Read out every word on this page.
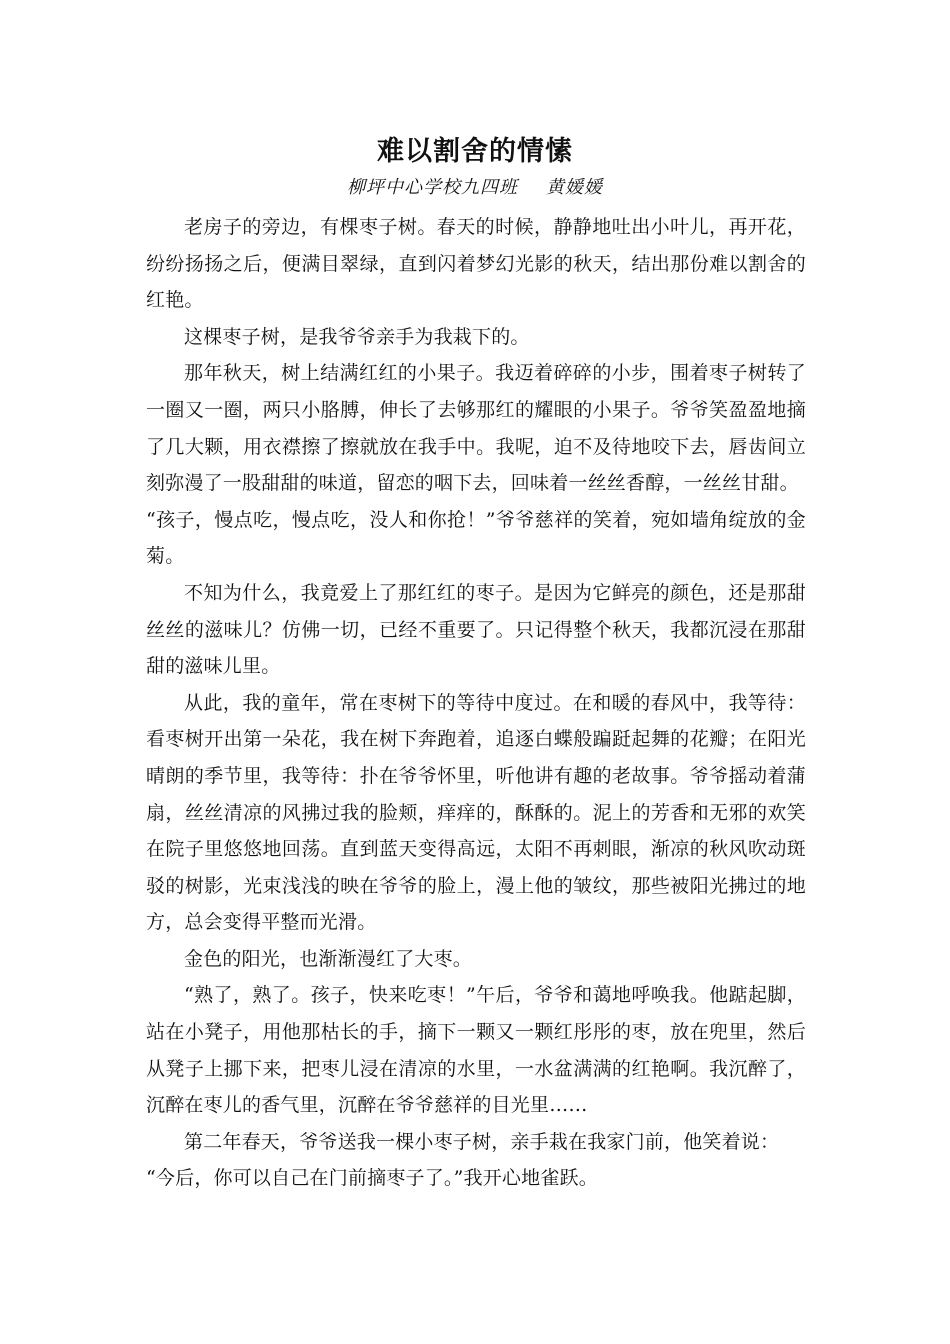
难以割舍的情愫
柳坪中心学校九四班 黄媛媛

老房子的旁边，有棵枣子树。春天的时候，静静地吐出小叶儿，再开花，纷纷扬扬之后，便满目翠绿，直到闪着梦幻光影的秋天，结出那份难以割舍的红艳。

这棵枣子树，是我爷爷亲手为我栽下的。

那年秋天，树上结满红红的小果子。我迈着碎碎的小步，围着枣子树转了一圈又一圈，两只小胳膊，伸长了去够那红的耀眼的小果子。爷爷笑盈盈地摘了几大颗，用衣襟擦了擦就放在我手中。我呢，迫不及待地咬下去，唇齿间立刻弥漫了一股甜甜的味道，留恋的咽下去，回味着一丝丝香醇，一丝丝甘甜。

“孩子，慢点吃，慢点吃，没人和你抢！”爷爷慈祥的笑着，宛如墙角绽放的金菊。

不知为什么，我竟爱上了那红红的枣子。是因为它鲜亮的颜色，还是那甜丝丝的滋味儿？仿佛一切，已经不重要了。只记得整个秋天，我都沉浸在那甜甜的滋味儿里。

从此，我的童年，常在枣树下的等待中度过。在和暖的春风中，我等待：看枣树开出第一朵花，我在树下奔跑着，追逐白蝶般蹁跹起舞的花瓣；在阳光晴朗的季节里，我等待：扑在爷爷怀里，听他讲有趣的老故事。爷爷摇动着蒲扇，丝丝清凉的风拂过我的脸颊，痒痒的，酥酥的。泥上的芳香和无邪的欢笑在院子里悠悠地回荡。直到蓝天变得高远，太阳不再刺眼，渐凉的秋风吹动斑驳的树影，光束浅浅的映在爷爷的脸上，漫上他的皱纹，那些被阳光拂过的地方，总会变得平整而光滑。

金色的阳光，也渐渐漫红了大枣。

“熟了，熟了。孩子，快来吃枣！”午后，爷爷和蔼地呼唤我。他踮起脚，站在小凳子，用他那枯长的手，摘下一颗又一颗红彤彤的枣，放在兜里，然后从凳子上挪下来，把枣儿浸在清凉的水里，一水盆满满的红艳啊。我沉醉了，沉醉在枣儿的香气里，沉醉在爷爷慈祥的目光里……

第二年春天，爷爷送我一棵小枣子树，亲手栽在我家门前，他笑着说：

“今后，你可以自己在门前摘枣子了。”我开心地雀跃。
